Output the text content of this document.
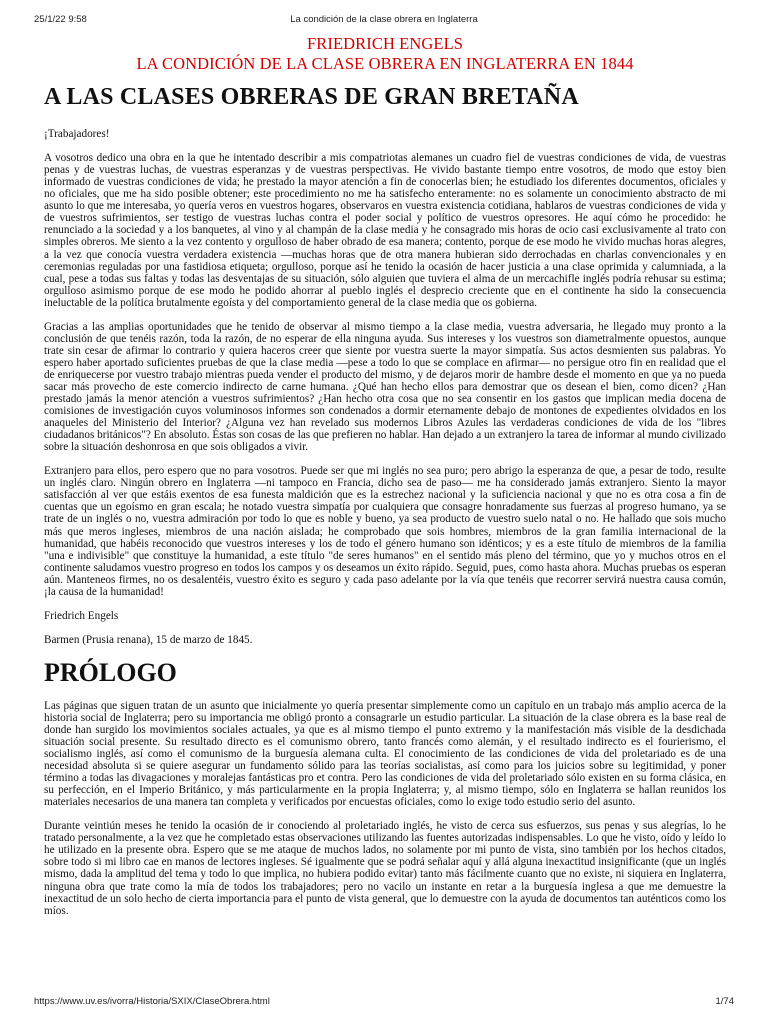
25/1/22 9:58	La condición de la clase obrera en Inglaterra

FRIEDRICH ENGELS

LA CONDICIÓN DE LA CLASE OBRERA EN INGLATERRA EN 1844

A LAS CLASES OBRERAS DE GRAN BRETAÑA

¡Trabajadores!

A vosotros dedico una obra en la que he intentado describir a mis compatriotas alemanes un cuadro fiel de vuestras condiciones de vida, de vuestras penas y de vuestras luchas, de vuestras esperanzas y de vuestras perspectivas. He vivido bastante tiempo entre vosotros, de modo que estoy bien informado de vuestras condiciones de vida; he prestado la mayor atención a fin de conocerlas bien; he estudiado los diferentes documentos, oficiales y no oficiales, que me ha sido posible obtener; este procedimiento no me ha satisfecho enteramente: no es solamente un conocimiento abstracto de mi asunto lo que me interesaba, yo quería veros en vuestros hogares, observaros en vuestra existencia cotidiana, hablaros de vuestras condiciones de vida y de vuestros sufrimientos, ser testigo de vuestras luchas contra el poder social y político de vuestros opresores. He aquí cómo he procedido: he renunciado a la sociedad y a los banquetes, al vino y al champán de la clase media y he consagrado mis horas de ocio casi exclusivamente al trato con simples obreros. Me siento a la vez contento y orgulloso de haber obrado de esa manera; contento, porque de ese modo he vivido muchas horas alegres, a la vez que conocía vuestra verdadera existencia —muchas horas que de otra manera hubieran sido derrochadas en charlas convencionales y en ceremonias reguladas por una fastidiosa etiqueta; orgulloso, porque así he tenido la ocasión de hacer justicia a una clase oprimida y calumniada, a la cual, pese a todas sus faltas y todas las desventajas de su situación, sólo alguien que tuviera el alma de un mercachifle inglés podría rehusar su estima; orgulloso asimismo porque de ese modo he podido ahorrar al pueblo inglés el desprecio creciente que en el continente ha sido la consecuencia ineluctable de la política brutalmente egoísta y del comportamiento general de la clase media que os gobierna.

Gracias a las amplias oportunidades que he tenido de observar al mismo tiempo a la clase media, vuestra adversaria, he llegado muy pronto a la conclusión de que tenéis razón, toda la razón, de no esperar de ella ninguna ayuda. Sus intereses y los vuestros son diametralmente opuestos, aunque trate sin cesar de afirmar lo contrario y quiera haceros creer que siente por vuestra suerte la mayor simpatía. Sus actos desmienten sus palabras. Yo espero haber aportado suficientes pruebas de que la clase media —pese a todo lo que se complace en afirmar— no persigue otro fin en realidad que el de enriquecerse por vuestro trabajo mientras pueda vender el producto del mismo, y de dejaros morir de hambre desde el momento en que ya no pueda sacar más provecho de este comercio indirecto de carne humana. ¿Qué han hecho ellos para demostrar que os desean el bien, como dicen? ¿Han prestado jamás la menor atención a vuestros sufrimientos? ¿Han hecho otra cosa que no sea consentir en los gastos que implican media docena de comisiones de investigación cuyos voluminosos informes son condenados a dormir eternamente debajo de montones de expedientes olvidados en los anaqueles del Ministerio del Interior? ¿Alguna vez han revelado sus modernos Libros Azules las verdaderas condiciones de vida de los "libres ciudadanos británicos"? En absoluto. Éstas son cosas de las que prefieren no hablar. Han dejado a un extranjero la tarea de informar al mundo civilizado sobre la situación deshonrosa en que sois obligados a vivir.

Extranjero para ellos, pero espero que no para vosotros. Puede ser que mi inglés no sea puro; pero abrigo la esperanza de que, a pesar de todo, resulte un inglés claro. Ningún obrero en Inglaterra —ni tampoco en Francia, dicho sea de paso— me ha considerado jamás extranjero. Siento la mayor satisfacción al ver que estáis exentos de esa funesta maldición que es la estrechez nacional y la suficiencia nacional y que no es otra cosa a fin de cuentas que un egoísmo en gran escala; he notado vuestra simpatía por cualquiera que consagre honradamente sus fuerzas al progreso humano, ya se trate de un inglés o no, vuestra admiración por todo lo que es noble y bueno, ya sea producto de vuestro suelo natal o no. He hallado que sois mucho más que meros ingleses, miembros de una nación aislada; he comprobado que sois hombres, miembros de la gran familia internacional de la humanidad, que habéis reconocido que vuestros intereses y los de todo el género humano son idénticos; y es a este título de miembros de la familia "una e indivisible" que constituye la humanidad, a este título "de seres humanos" en el sentido más pleno del término, que yo y muchos otros en el continente saludamos vuestro progreso en todos los campos y os deseamos un éxito rápido. Seguid, pues, como hasta ahora. Muchas pruebas os esperan aún. Manteneos firmes, no os desalentéis, vuestro éxito es seguro y cada paso adelante por la vía que tenéis que recorrer servirá nuestra causa común, ¡la causa de la humanidad!

Friedrich Engels

Barmen (Prusia renana), 15 de marzo de 1845.

PRÓLOGO

Las páginas que siguen tratan de un asunto que inicialmente yo quería presentar simplemente como un capítulo en un trabajo más amplio acerca de la historia social de Inglaterra; pero su importancia me obligó pronto a consagrarle un estudio particular. La situación de la clase obrera es la base real de donde han surgido los movimientos sociales actuales, ya que es al mismo tiempo el punto extremo y la manifestación más visible de la desdichada situación social presente. Su resultado directo es el comunismo obrero, tanto francés como alemán, y el resultado indirecto es el fourierismo, el socialismo inglés, así como el comunismo de la burguesía alemana culta. El conocimiento de las condiciones de vida del proletariado es de una necesidad absoluta si se quiere asegurar un fundamento sólido para las teorías socialistas, así como para los juicios sobre su legitimidad, y poner término a todas las divagaciones y moralejas fantásticas pro et contra. Pero las condiciones de vida del proletariado sólo existen en su forma clásica, en su perfección, en el Imperio Británico, y más particularmente en la propia Inglaterra; y, al mismo tiempo, sólo en Inglaterra se hallan reunidos los materiales necesarios de una manera tan completa y verificados por encuestas oficiales, como lo exige todo estudio serio del asunto.

Durante veintiún meses he tenido la ocasión de ir conociendo al proletariado inglés, he visto de cerca sus esfuerzos, sus penas y sus alegrías, lo he tratado personalmente, a la vez que he completado estas observaciones utilizando las fuentes autorizadas indispensables. Lo que he visto, oído y leído lo he utilizado en la presente obra. Espero que se me ataque de muchos lados, no solamente por mi punto de vista, sino también por los hechos citados, sobre todo si mi libro cae en manos de lectores ingleses. Sé igualmente que se podrá señalar aquí y allá alguna inexactitud insignificante (que un inglés mismo, dada la amplitud del tema y todo lo que implica, no hubiera podido evitar) tanto más fácilmente cuanto que no existe, ni siquiera en Inglaterra, ninguna obra que trate como la mía de todos los trabajadores; pero no vacilo un instante en retar a la burguesía inglesa a que me demuestre la inexactitud de un solo hecho de cierta importancia para el punto de vista general, que lo demuestre con la ayuda de documentos tan auténticos como los míos.

https://www.uv.es/ivorra/Historia/SXIX/ClaseObrera.html	1/74
